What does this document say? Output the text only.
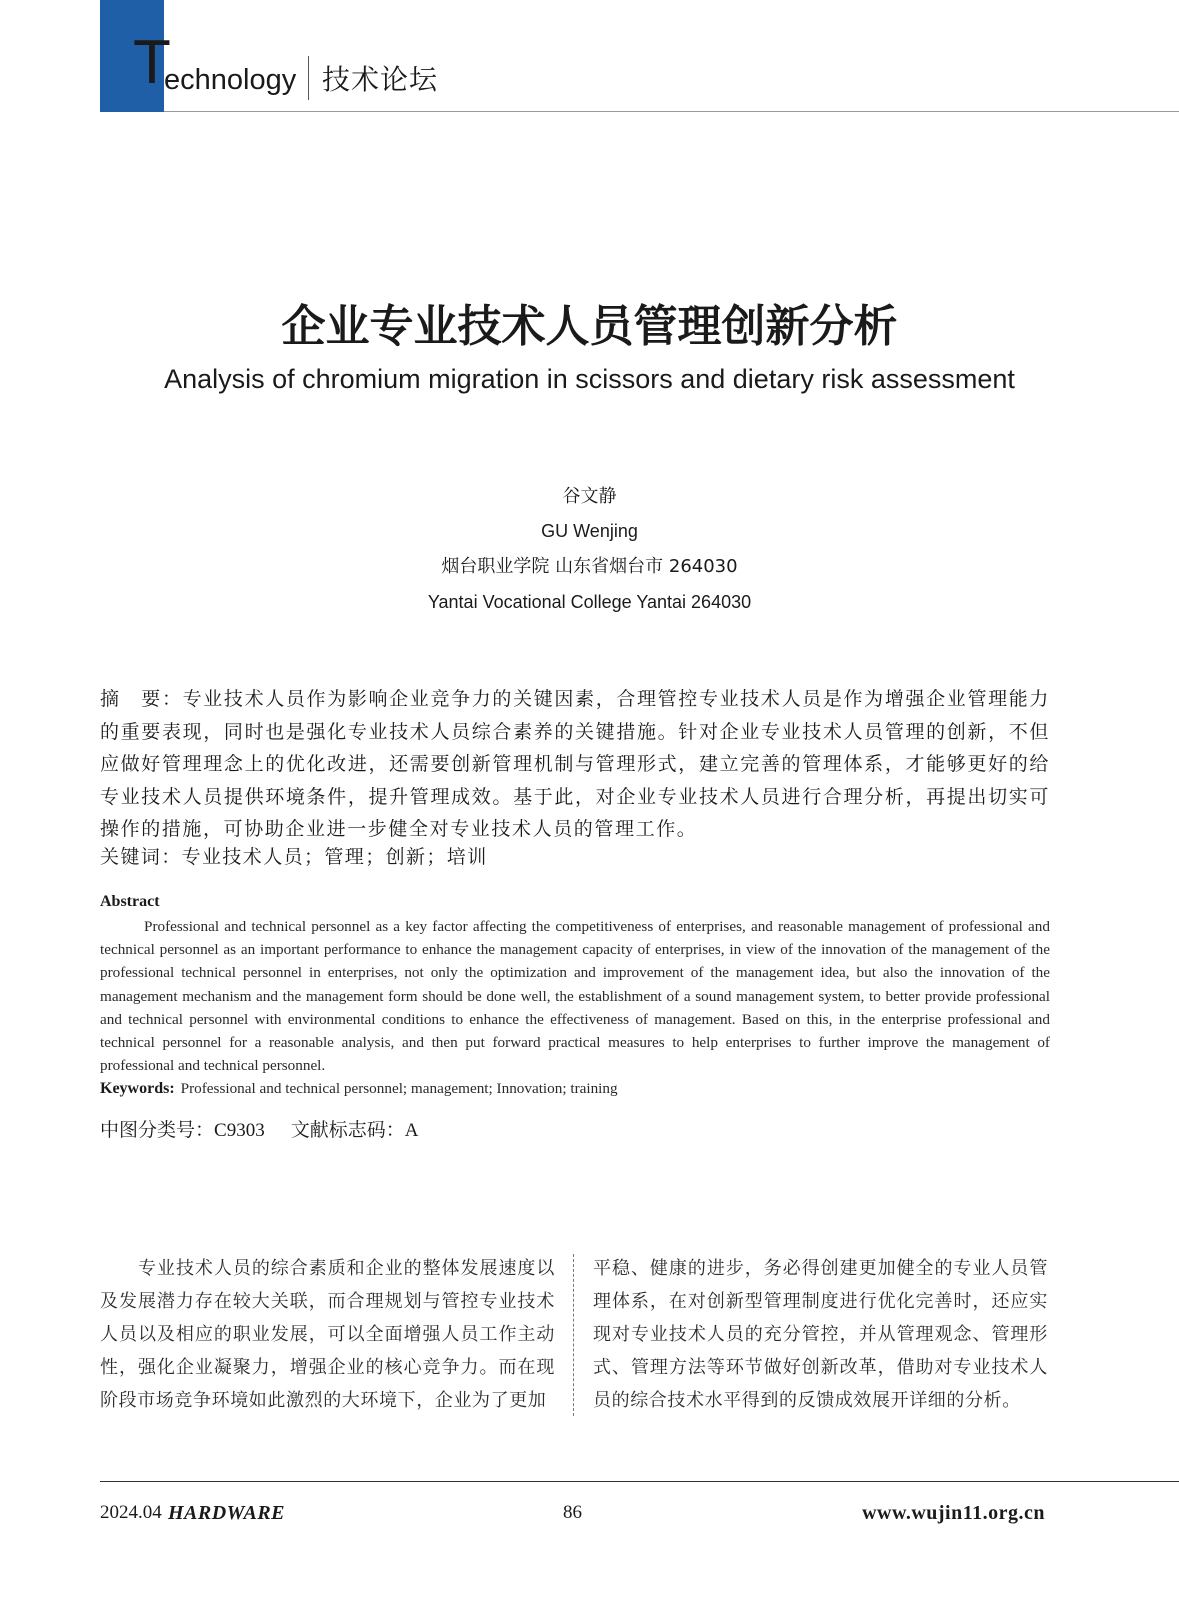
T
echnology 技术论坛
企业专业技术人员管理创新分析
Analysis of chromium migration in scissors and dietary risk assessment
谷文静
GU Wenjing
烟台职业学院 山东省烟台市 264030
Yantai Vocational College Yantai 264030
摘　要：专业技术人员作为影响企业竞争力的关键因素，合理管控专业技术人员是作为增强企业管理能力的重要表现，同时也是强化专业技术人员综合素养的关键措施。针对企业专业技术人员管理的创新，不但应做好管理理念上的优化改进，还需要创新管理机制与管理形式，建立完善的管理体系，才能够更好的给专业技术人员提供环境条件，提升管理成效。基于此，对企业专业技术人员进行合理分析，再提出切实可操作的措施，可协助企业进一步健全对专业技术人员的管理工作。
关键词：专业技术人员；管理；创新；培训
Abstract
Professional and technical personnel as a key factor affecting the competitiveness of enterprises, and reasonable management of professional and technical personnel as an important performance to enhance the management capacity of enterprises, in view of the innovation of the management of the professional technical personnel in enterprises, not only the optimization and improvement of the management idea, but also the innovation of the management mechanism and the management form should be done well, the establishment of a sound management system, to better provide professional and technical personnel with environmental conditions to enhance the effectiveness of management. Based on this, in the enterprise professional and technical personnel for a reasonable analysis, and then put forward practical measures to help enterprises to further improve the management of professional and technical personnel.
Keywords: Professional and technical personnel; management; Innovation; training
中图分类号：C9303 文献标志码：A
专业技术人员的综合素质和企业的整体发展速度以及发展潜力存在较大关联，而合理规划与管控专业技术人员以及相应的职业发展，可以全面增强人员工作主动性，强化企业凝聚力，增强企业的核心竞争力。而在现阶段市场竞争环境如此激烈的大环境下，企业为了更加
平稳、健康的进步，务必得创建更加健全的专业人员管理体系，在对创新型管理制度进行优化完善时，还应实现对专业技术人员的充分管控，并从管理观念、管理形式、管理方法等环节做好创新改革，借助对专业技术人员的综合技术水平得到的反馈成效展开详细的分析。
2024.04 HARDWARE	86	www.wujin11.org.cn
